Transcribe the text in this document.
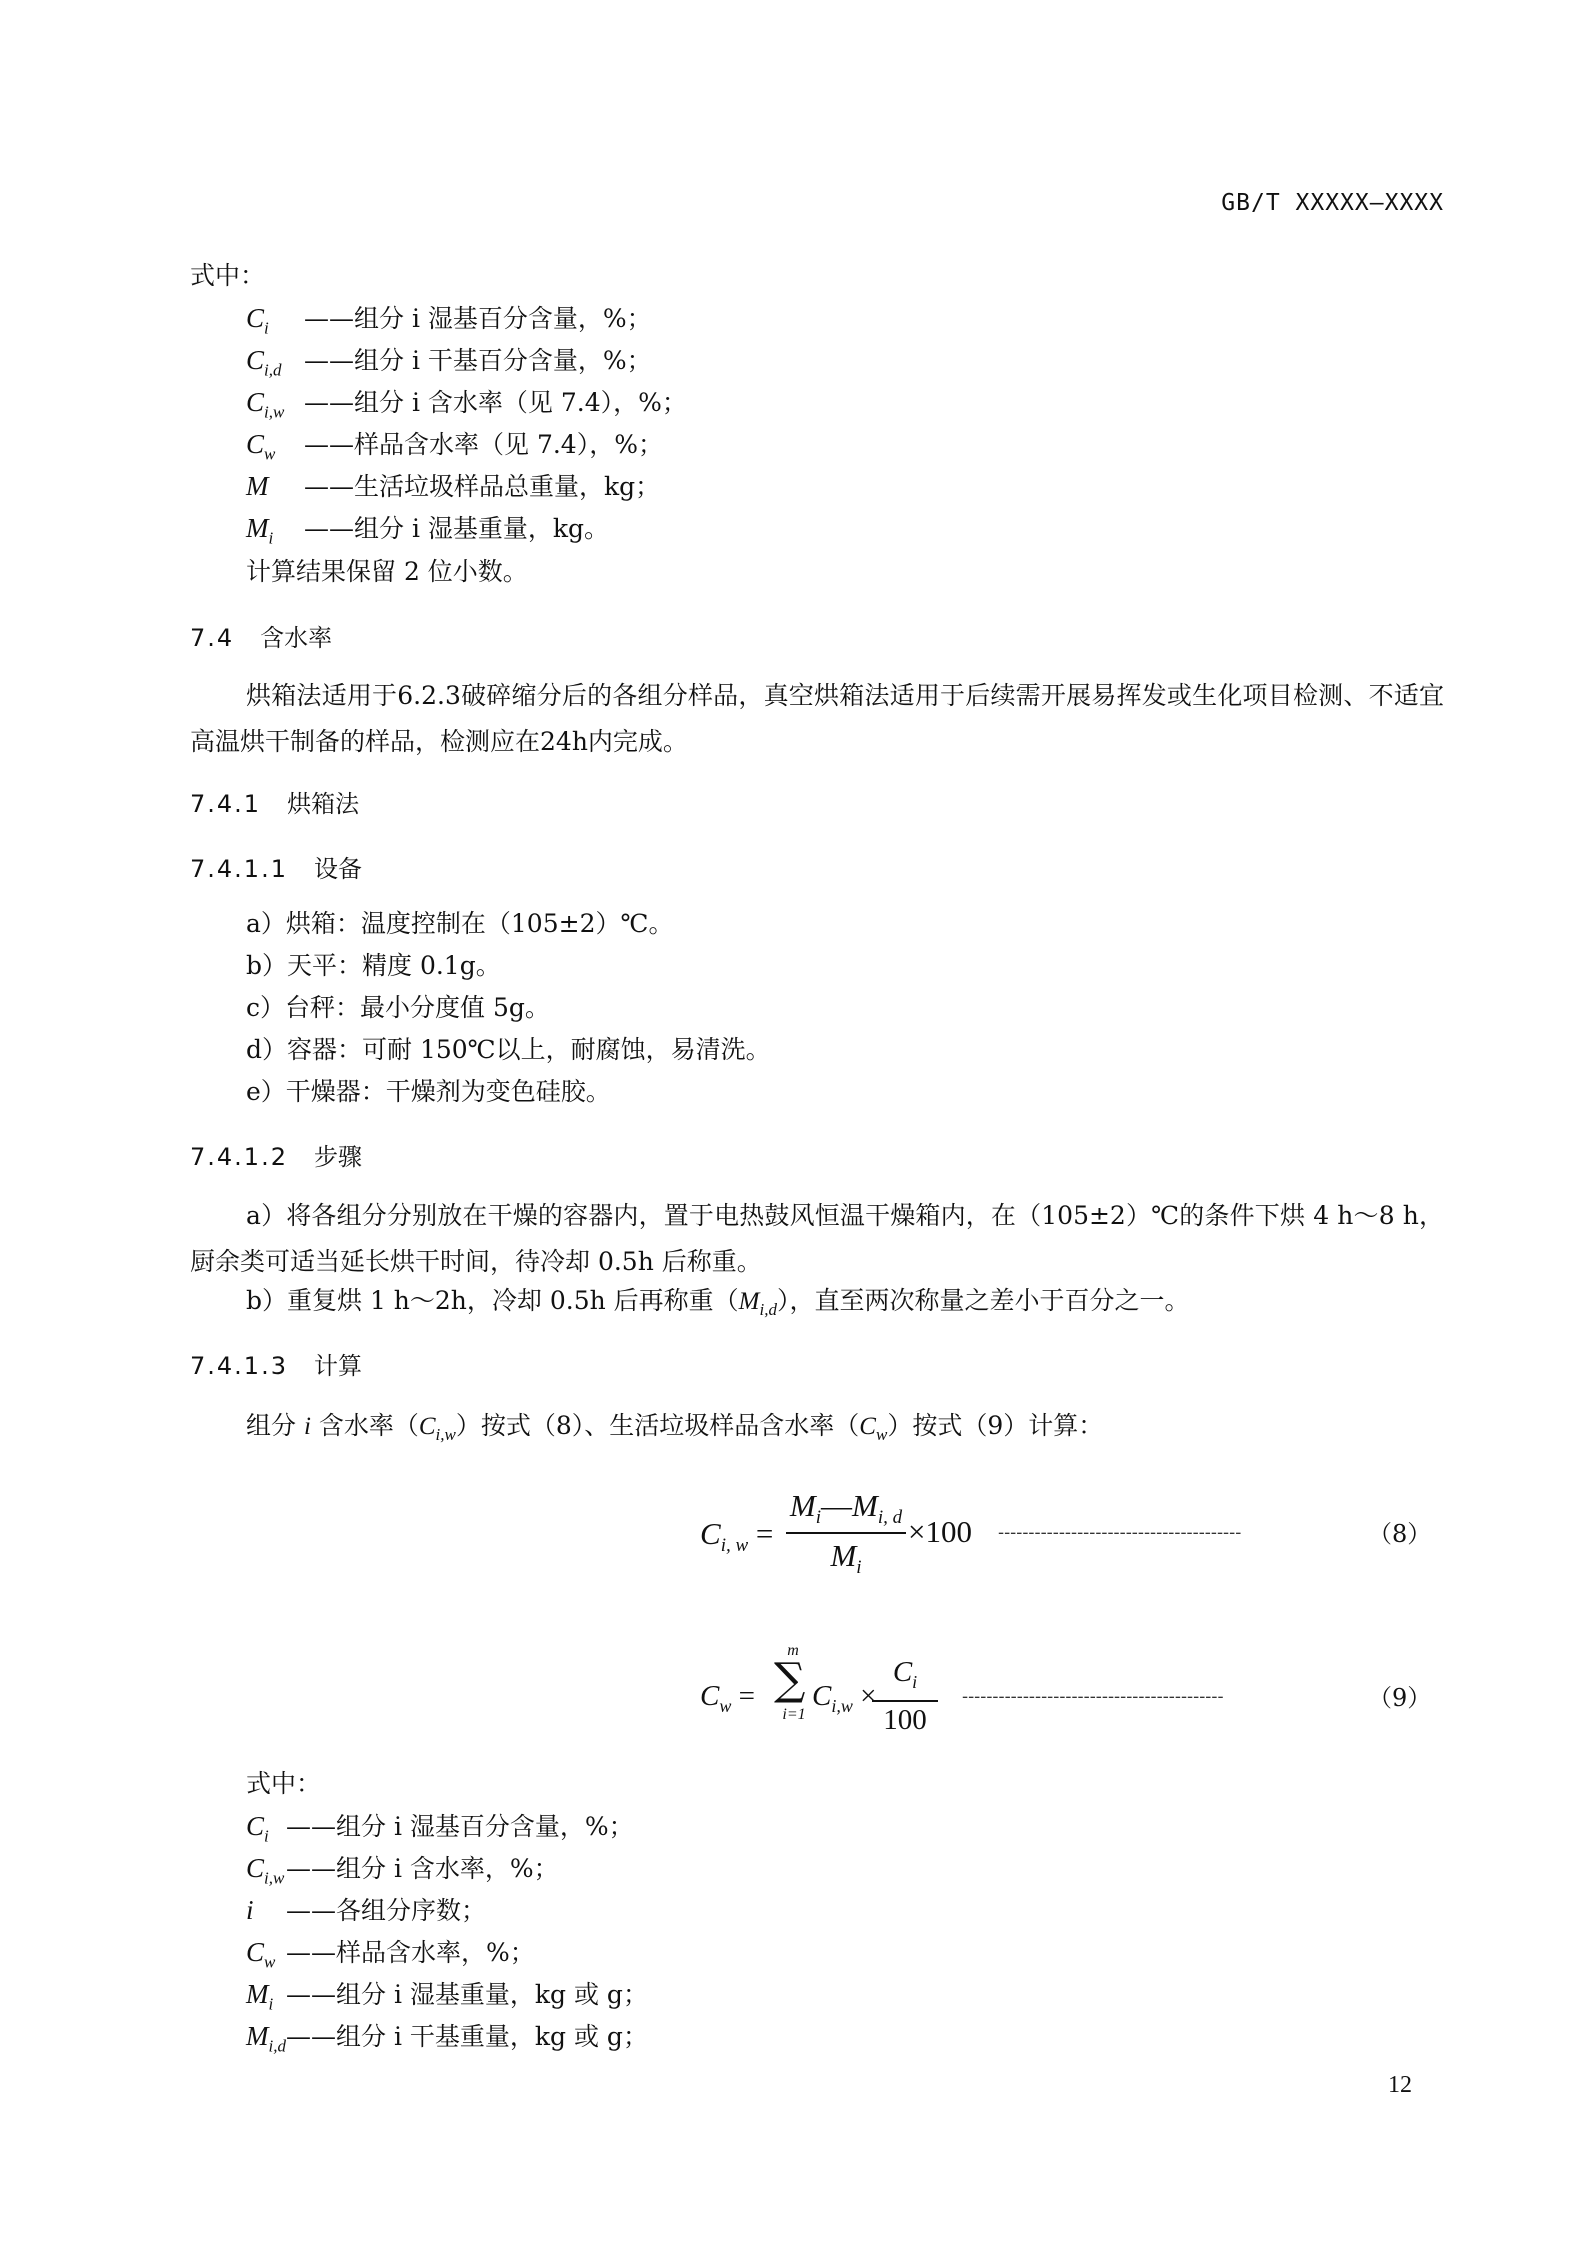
GB/T XXXXX—XXXX
式中：
$C_i$ ——组分 i 湿基百分含量，%；
$C_{i,d}$ ——组分 i 干基百分含量，%；
$C_{i,w}$ ——组分 i 含水率（见 7.4），%；
$C_w$ ——样品含水率（见 7.4），%；
M ——生活垃圾样品总重量，kg；
$M_i$ ——组分 i 湿基重量，kg。
计算结果保留 2 位小数。
7.4 含水率
烘箱法适用于6.2.3破碎缩分后的各组分样品，真空烘箱法适用于后续需开展易挥发或生化项目检测、不适宜高温烘干制备的样品，检测应在24h内完成。
7.4.1 烘箱法
7.4.1.1 设备
a）烘箱：温度控制在（105±2）℃。
b）天平：精度 0.1g。
c）台秤：最小分度值 5g。
d）容器：可耐 150℃以上，耐腐蚀，易清洗。
e）干燥器：干燥剂为变色硅胶。
7.4.1.2 步骤
a）将各组分分别放在干燥的容器内，置于电热鼓风恒温干燥箱内，在（105±2）℃的条件下烘 4 h～8 h，厨余类可适当延长烘干时间，待冷却 0.5h 后称重。
b）重复烘 1 h～2h，冷却 0.5h 后再称重$(M_{i,d})$，直至两次称量之差小于百分之一。
7.4.1.3 计算
组分 i 含水率$(C_{i,w})$按式（8）、生活垃圾样品含水率$(C_w)$按式（9）计算：
$C_{i, w}$ =
$M_i—M_{i, d}$
$M_i$
×100 ----------------------------------------	（8）
$C_w$ =
m
∑
i=1
$C_{i,w}$ ×
$C_i$
100
-------------------------------------------	（9）
式中：
$C_i$ ——组分 i 湿基百分含量，%；
$C_{i,w}——$组分 i 含水率，%；
i ——各组分序数；
$C_w$ ——样品含水率，%；
$M_i$ ——组分 i 湿基重量，kg 或 g；
$M_{i,d}——$组分 i 干基重量，kg 或 g；
12
